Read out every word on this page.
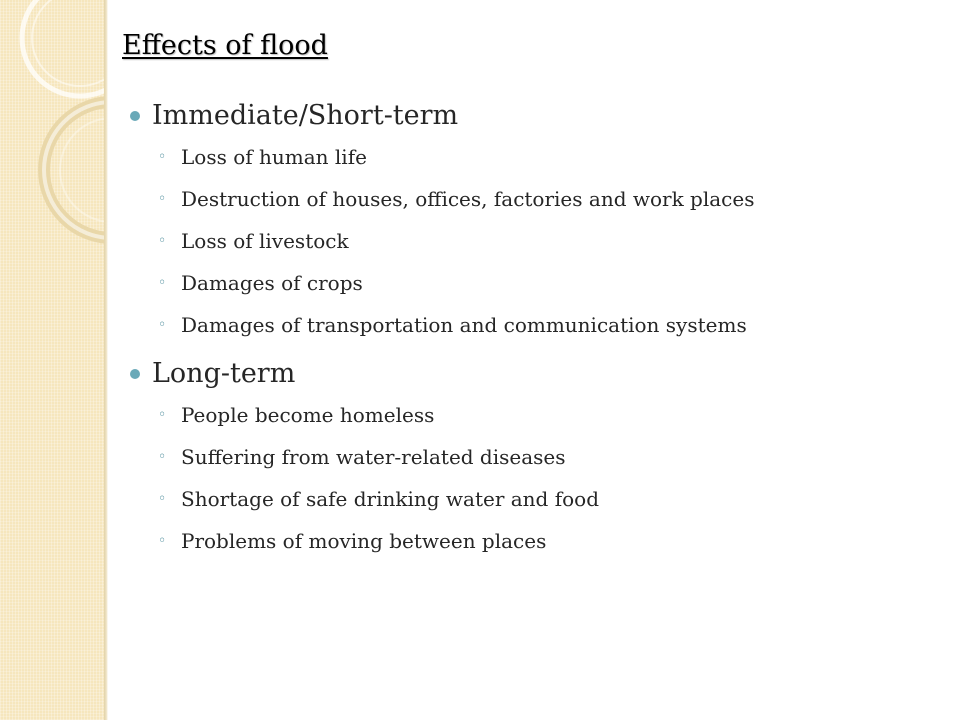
Effects of flood
Immediate/Short-term
◦ Loss of human life
◦ Destruction of houses, offices, factories and work places
◦ Loss of livestock
◦ Damages of crops
◦ Damages of transportation and communication systems
Long-term
◦ People become homeless
◦ Suffering from water-related diseases
◦ Shortage of safe drinking water and food
◦ Problems of moving between places
